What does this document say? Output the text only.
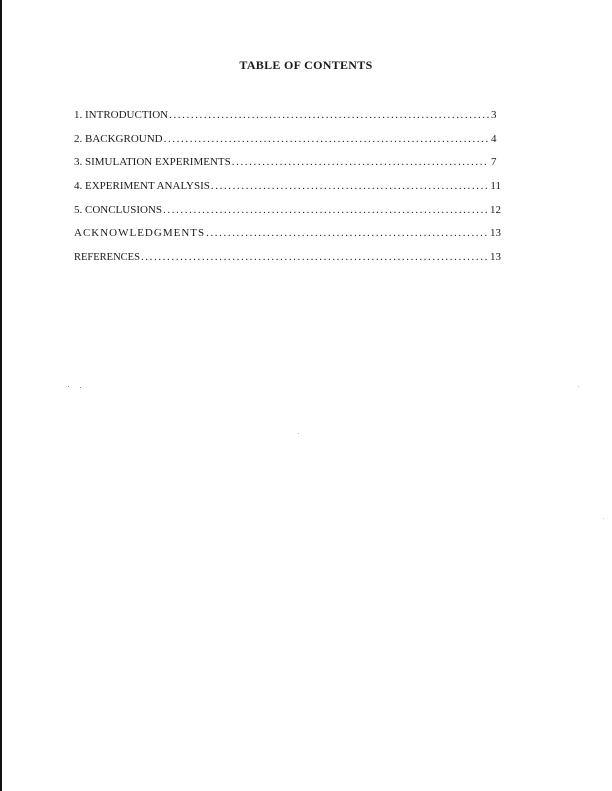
TABLE OF CONTENTS
1. INTRODUCTION .....	3
2. BACKGROUND .....	4
3. SIMULATION EXPERIMENTS .....	7
4. EXPERIMENT ANALYSIS .....	11
5. CONCLUSIONS .....	12
ACKNOWLEDGMENTS .....	13
REFERENCES .....	13
